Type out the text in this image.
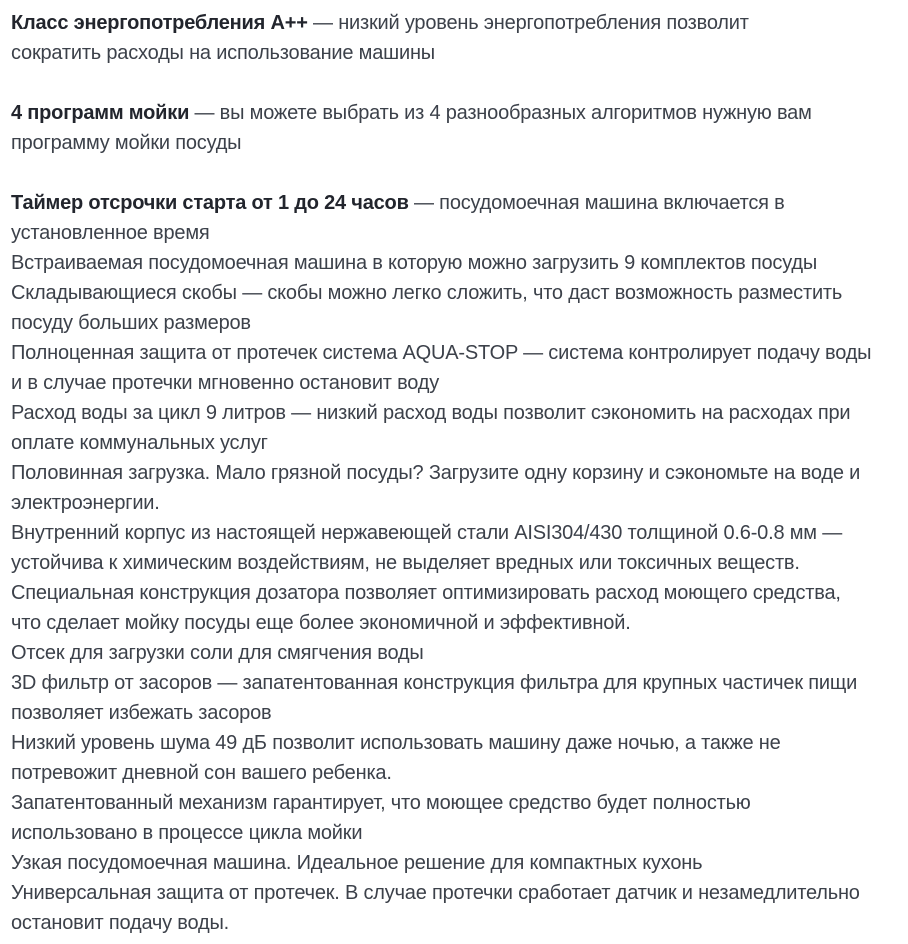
Класс энергопотребления А++ — низкий уровень энергопотребления позволит
сократить расходы на использование машины
4 программ мойки — вы можете выбрать из 4 разнообразных алгоритмов нужную вам
программу мойки посуды
Таймер отсрочки старта от 1 до 24 часов — посудомоечная машина включается в
установленное время
Встраиваемая посудомоечная машина в которую можно загрузить 9 комплектов посуды
Складывающиеся скобы — скобы можно легко сложить, что даст возможность разместить
посуду больших размеров
Полноценная защита от протечек система AQUA-STOP — система контролирует подачу воды
и в случае протечки мгновенно остановит воду
Расход воды за цикл 9 литров — низкий расход воды позволит сэкономить на расходах при
оплате коммунальных услуг
Половинная загрузка. Мало грязной посуды? Загрузите одну корзину и сэкономьте на воде и
электроэнергии.
Внутренний корпус из настоящей нержавеющей стали AISI304/430 толщиной 0.6-0.8 мм —
устойчива к химическим воздействиям, не выделяет вредных или токсичных веществ.
Специальная конструкция дозатора позволяет оптимизировать расход моющего средства,
что сделает мойку посуды еще более экономичной и эффективной.
Отсек для загрузки соли для смягчения воды
3D фильтр от засоров — запатентованная конструкция фильтра для крупных частичек пищи
позволяет избежать засоров
Низкий уровень шума 49 дБ позволит использовать машину даже ночью, а также не
потревожит дневной сон вашего ребенка.
Запатентованный механизм гарантирует, что моющее средство будет полностью
использовано в процессе цикла мойки
Узкая посудомоечная машина. Идеальное решение для компактных кухонь
Универсальная защита от протечек. В случае протечки сработает датчик и незамедлительно
остановит подачу воды.
